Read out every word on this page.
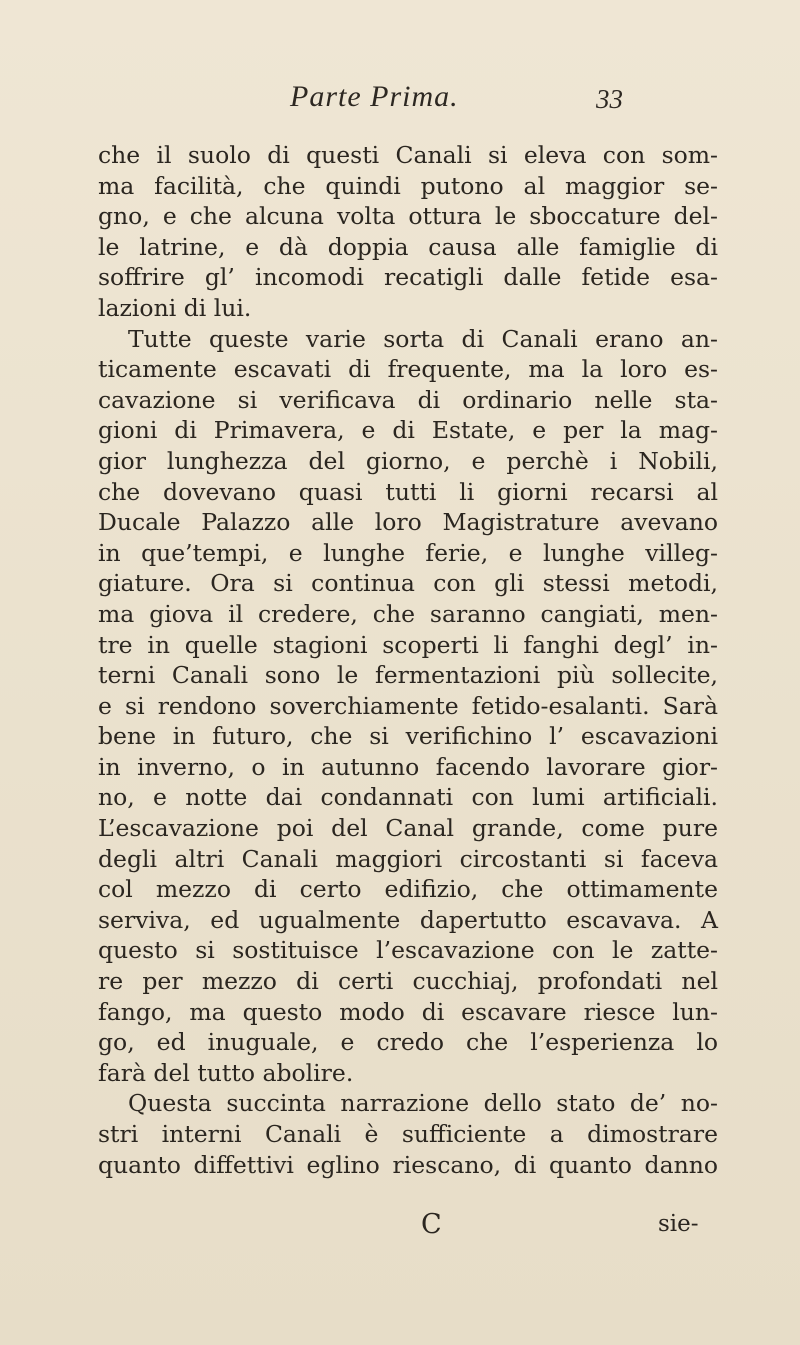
Parte Prima.	33
che il suolo di questi Canali si eleva con som-
ma facilità, che quindi putono al maggior se-
gno, e che alcuna volta ottura le sboccature del-
le latrine, e dà doppia causa alle famiglie di
soffrire gl’ incomodi recatigli dalle fetide esa-
lazioni di lui.
Tutte queste varie sorta di Canali erano an-
ticamente escavati di frequente, ma la loro es-
cavazione si verificava di ordinario nelle sta-
gioni di Primavera, e di Estate, e per la mag-
gior lunghezza del giorno, e perchè i Nobili,
che dovevano quasi tutti li giorni recarsi al
Ducale Palazzo alle loro Magistrature avevano
in que’tempi, e lunghe ferie, e lunghe villeg-
giature. Ora si continua con gli stessi metodi,
ma giova il credere, che saranno cangiati, men-
tre in quelle stagioni scoperti li fanghi degl’ in-
terni Canali sono le fermentazioni più sollecite,
e si rendono soverchiamente fetido-esalanti. Sarà
bene in futuro, che si verifichino l’ escavazioni
in inverno, o in autunno facendo lavorare gior-
no, e notte dai condannati con lumi artificiali.
L’escavazione poi del Canal grande, come pure
degli altri Canali maggiori circostanti si faceva
col mezzo di certo edifizio, che ottimamente
serviva, ed ugualmente dapertutto escavava. A
questo si sostituisce l’escavazione con le zatte-
re per mezzo di certi cucchiaj, profondati nel
fango, ma questo modo di escavare riesce lun-
go, ed inuguale, e credo che l’esperienza lo
farà del tutto abolire.
Questa succinta narrazione dello stato de’ no-
stri interni Canali è sufficiente a dimostrare
quanto diffettivi eglino riescano, di quanto danno
C	sie-
